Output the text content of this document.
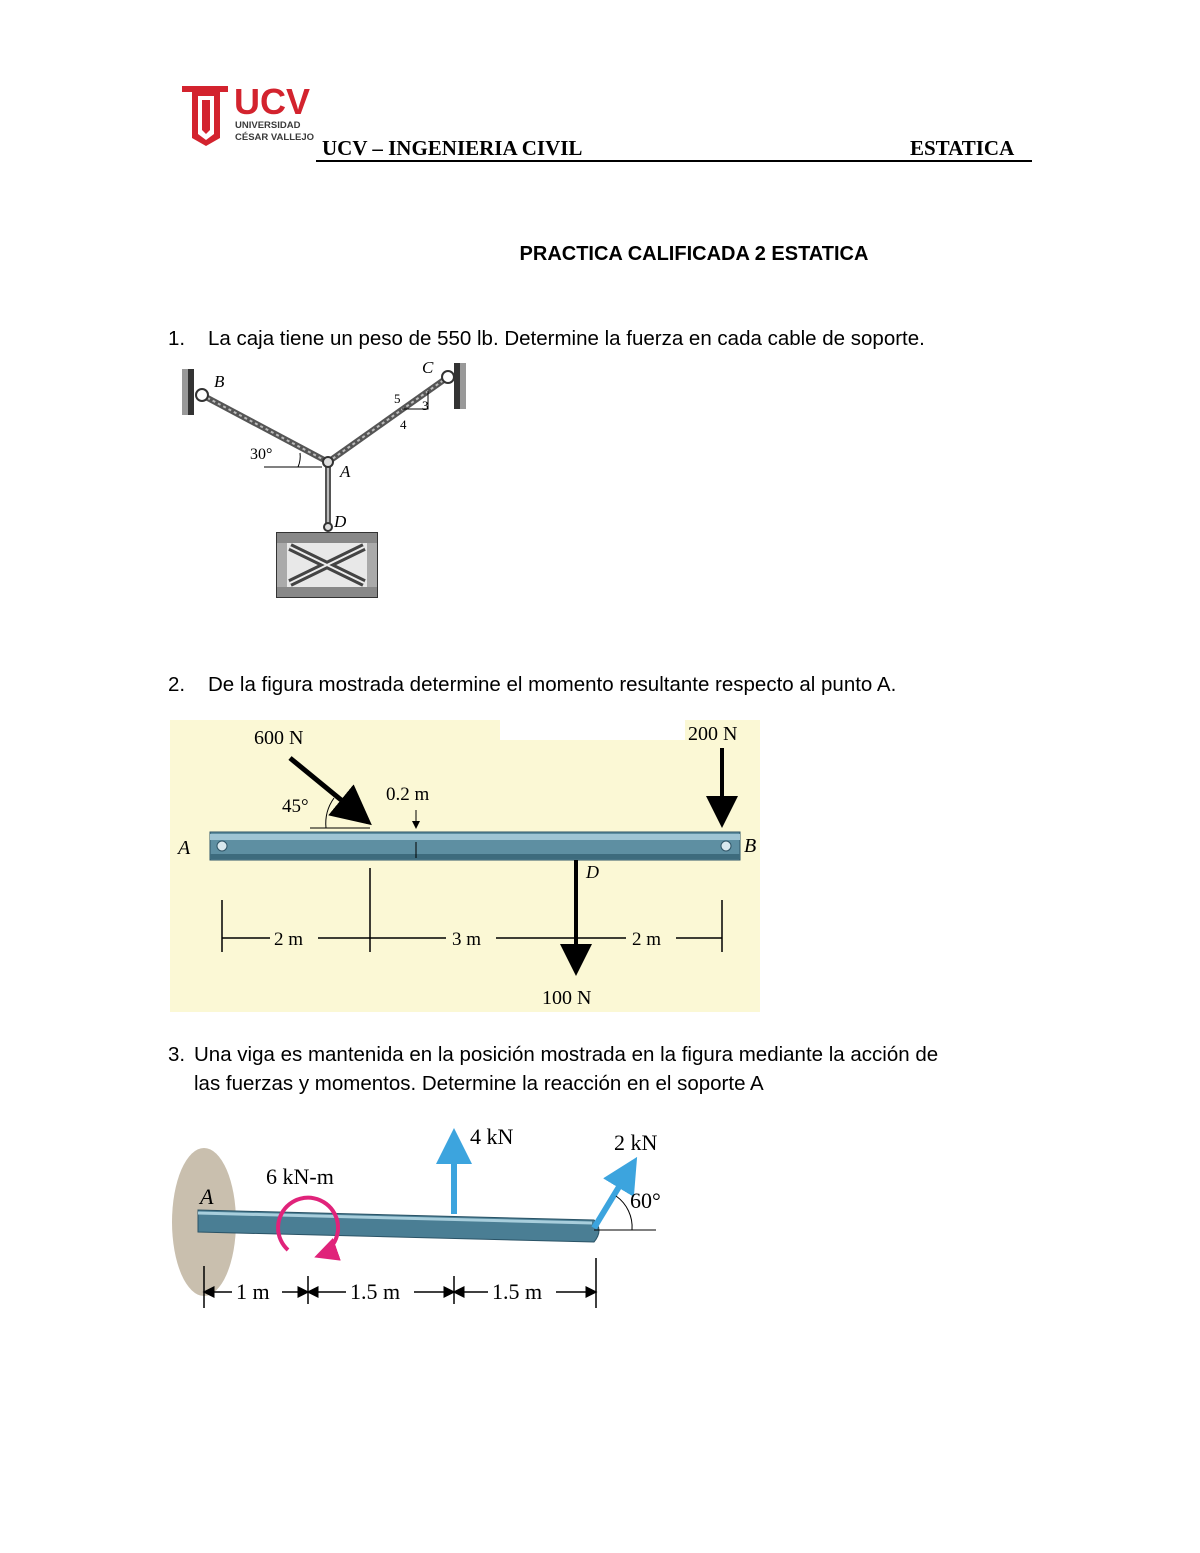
UCV
UNIVERSIDAD
CÉSAR VALLEJO UCV – INGENIERIA CIVIL	ESTATICA
PRACTICA CALIFICADA 2 ESTATICA
1. La caja tiene un peso de 550 lb. Determine la fuerza en cada cable de soporte.
B
C
A
D
30°
5 3
4
2. De la figura mostrada determine el momento resultante respecto al punto A.
600 N	200 N
100 N
45°
0.2 m
A	B
D
2 m	3 m	2 m
3. Una viga es mantenida en la posición mostrada en la figura mediante la acción de
las fuerzas y momentos. Determine la reacción en el soporte A
A
6 kN-m
4 kN	2 kN
60°
1 m	1.5 m	1.5 m
